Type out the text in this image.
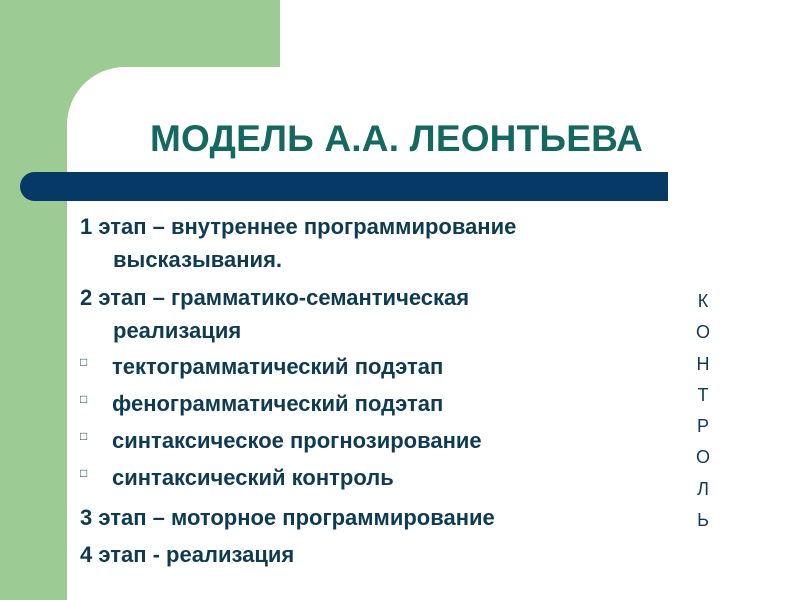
МОДЕЛЬ А.А. ЛЕОНТЬЕВА
1 этап – внутреннее программирование
высказывания.
2 этап – грамматико-семантическая
реализация
□ тектограмматический подэтап
□ фенограмматический подэтап
□ синтаксическое прогнозирование
□ синтаксический контроль
3 этап – моторное программирование
4 этап - реализация
К
О
Н
Т
Р
О
Л
Ь
